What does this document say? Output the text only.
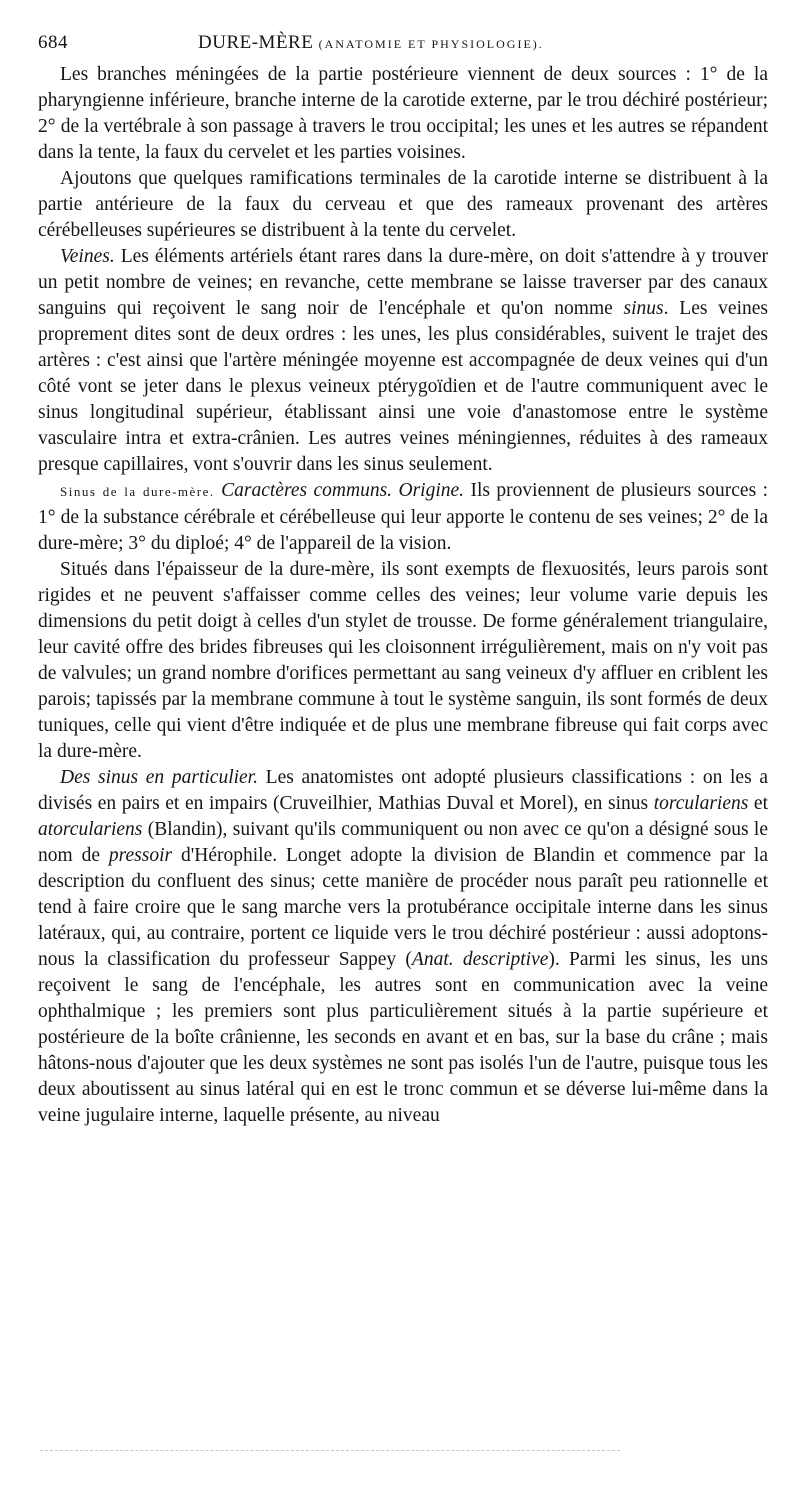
684	DURE-MÈRE (ANATOMIE ET PHYSIOLOGIE).

Les branches méningées de la partie postérieure viennent de deux sources : 1° de la pharyngienne inférieure, branche interne de la carotide externe, par le trou déchiré postérieur; 2° de la vertébrale à son passage à travers le trou occipital; les unes et les autres se répandent dans la tente, la faux du cervelet et les parties voisines.

Ajoutons que quelques ramifications terminales de la carotide interne se distribuent à la partie antérieure de la faux du cerveau et que des rameaux provenant des artères cérébelleuses supérieures se distribuent à la tente du cervelet.

Veines. Les éléments artériels étant rares dans la dure-mère, on doit s'attendre à y trouver un petit nombre de veines; en revanche, cette membrane se laisse traverser par des canaux sanguins qui reçoivent le sang noir de l'encéphale et qu'on nomme sinus. Les veines proprement dites sont de deux ordres : les unes, les plus considérables, suivent le trajet des artères : c'est ainsi que l'artère méningée moyenne est accompagnée de deux veines qui d'un côté vont se jeter dans le plexus veineux ptérygoïdien et de l'autre communiquent avec le sinus longitudinal supérieur, établissant ainsi une voie d'anastomose entre le système vasculaire intra et extra-crânien. Les autres veines méningiennes, réduites à des rameaux presque capillaires, vont s'ouvrir dans les sinus seulement.

Sinus de la dure-mère. Caractères communs. Origine. Ils proviennent de plusieurs sources : 1° de la substance cérébrale et cérébelleuse qui leur apporte le contenu de ses veines; 2° de la dure-mère; 3° du diploé; 4° de l'appareil de la vision.

Situés dans l'épaisseur de la dure-mère, ils sont exempts de flexuosités, leurs parois sont rigides et ne peuvent s'affaisser comme celles des veines; leur volume varie depuis les dimensions du petit doigt à celles d'un stylet de trousse. De forme généralement triangulaire, leur cavité offre des brides fibreuses qui les cloisonnent irrégulièrement, mais on n'y voit pas de valvules; un grand nombre d'orifices permettant au sang veineux d'y affluer en criblent les parois; tapissés par la membrane commune à tout le système sanguin, ils sont formés de deux tuniques, celle qui vient d'être indiquée et de plus une membrane fibreuse qui fait corps avec la dure-mère.

Des sinus en particulier. Les anatomistes ont adopté plusieurs classifications : on les a divisés en pairs et en impairs (Cruveilhier, Mathias Duval et Morel), en sinus torculariens et atorculariens (Blandin), suivant qu'ils communiquent ou non avec ce qu'on a désigné sous le nom de pressoir d'Hérophile. Longet adopte la division de Blandin et commence par la description du confluent des sinus; cette manière de procéder nous paraît peu rationnelle et tend à faire croire que le sang marche vers la protubérance occipitale interne dans les sinus latéraux, qui, au contraire, portent ce liquide vers le trou déchiré postérieur : aussi adoptons-nous la classification du professeur Sappey (Anat. descriptive). Parmi les sinus, les uns reçoivent le sang de l'encéphale, les autres sont en communication avec la veine ophthalmique ; les premiers sont plus particulièrement situés à la partie supérieure et postérieure de la boîte crânienne, les seconds en avant et en bas, sur la base du crâne ; mais hâtons-nous d'ajouter que les deux systèmes ne sont pas isolés l'un de l'autre, puisque tous les deux aboutissent au sinus latéral qui en est le tronc commun et se déverse lui-même dans la veine jugulaire interne, laquelle présente, au niveau
